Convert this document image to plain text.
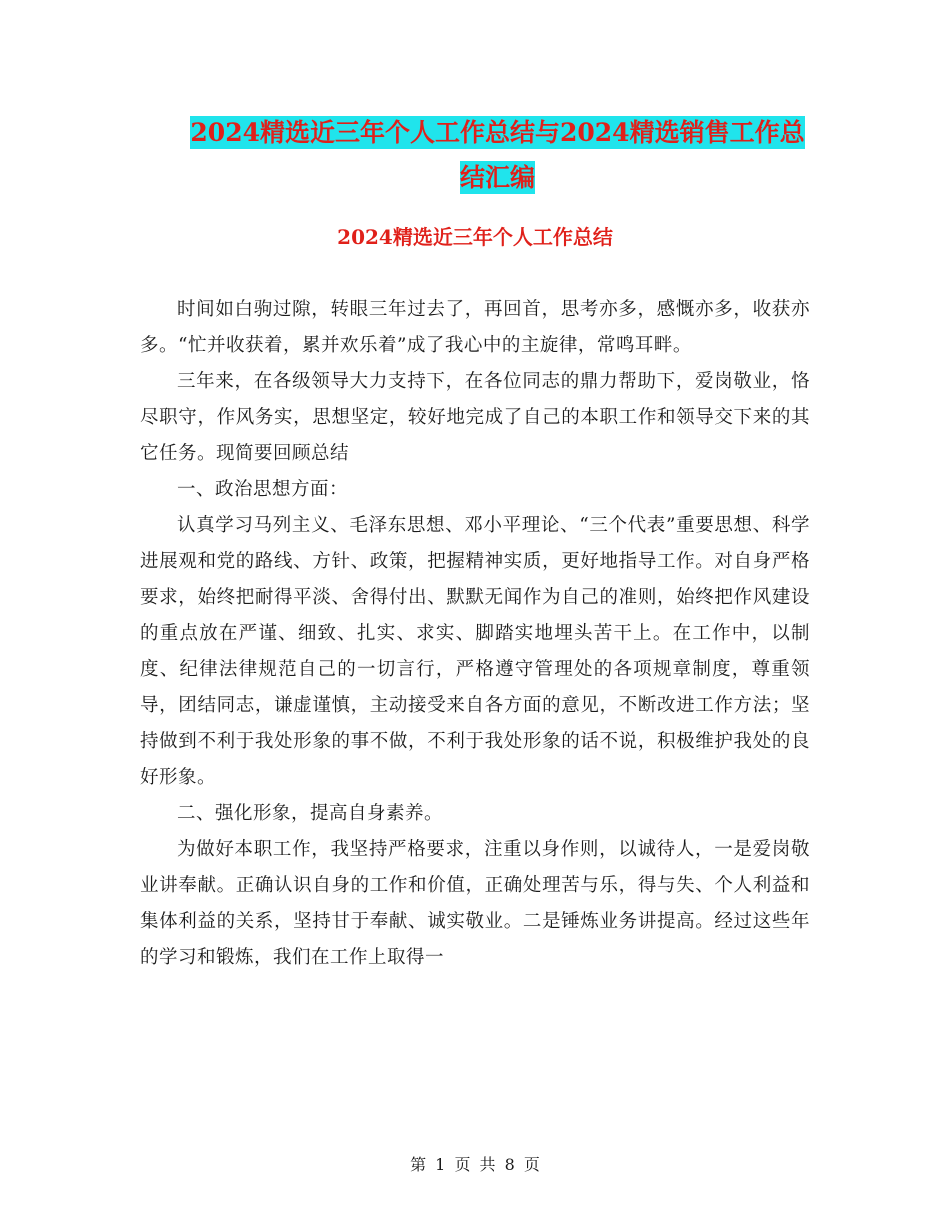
2024精选近三年个人工作总结与2024精选销售工作总
结汇编
2024精选近三年个人工作总结

时间如白驹过隙，转眼三年过去了，再回首，思考亦多，感慨亦多，收获亦多。“忙并收获着，累并欢乐着”成了我心中的主旋律，常鸣耳畔。

三年来，在各级领导大力支持下，在各位同志的鼎力帮助下，爱岗敬业，恪尽职守，作风务实，思想坚定，较好地完成了自己的本职工作和领导交下来的其它任务。现简要回顾总结

一、政治思想方面：

认真学习马列主义、毛泽东思想、邓小平理论、“三个代表”重要思想、科学进展观和党的路线、方针、政策，把握精神实质，更好地指导工作。对自身严格要求，始终把耐得平淡、舍得付出、默默无闻作为自己的准则，始终把作风建设的重点放在严谨、细致、扎实、求实、脚踏实地埋头苦干上。在工作中，以制度、纪律法律规范自己的一切言行，严格遵守管理处的各项规章制度，尊重领导，团结同志，谦虚谨慎，主动接受来自各方面的意见，不断改进工作方法；坚持做到不利于我处形象的事不做，不利于我处形象的话不说，积极维护我处的良好形象。

二、强化形象，提高自身素养。

为做好本职工作，我坚持严格要求，注重以身作则，以诚待人，一是爱岗敬业讲奉献。正确认识自身的工作和价值，正确处理苦与乐，得与失、个人利益和集体利益的关系，坚持甘于奉献、诚实敬业。二是锤炼业务讲提高。经过这些年的学习和锻炼，我们在工作上取得一

第 1 页 共 8 页
